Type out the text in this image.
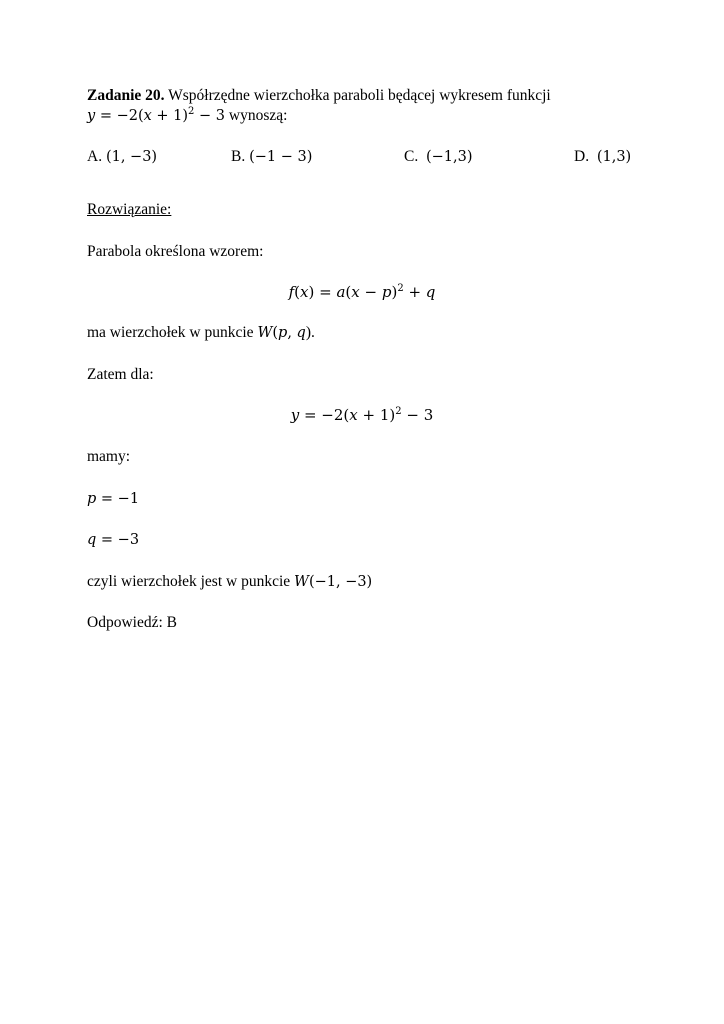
Zadanie 20. Współrzędne wierzchołka paraboli będącej wykresem funkcji
$y = -2(x + 1)^2 - 3$ wynoszą:
A. (1, −3)	B. (−1 − 3)	C. (−1,3)	D. (1,3)
Rozwiązanie:
Parabola określona wzorem:
$f(x) = a(x - p)^2 + q$
ma wierzchołek w punkcie W(p, q).
Zatem dla:
$y = -2(x + 1)^2 - 3$
mamy:
p = −1
q = −3
czyli wierzchołek jest w punkcie W(−1, −3)
Odpowiedź: B
